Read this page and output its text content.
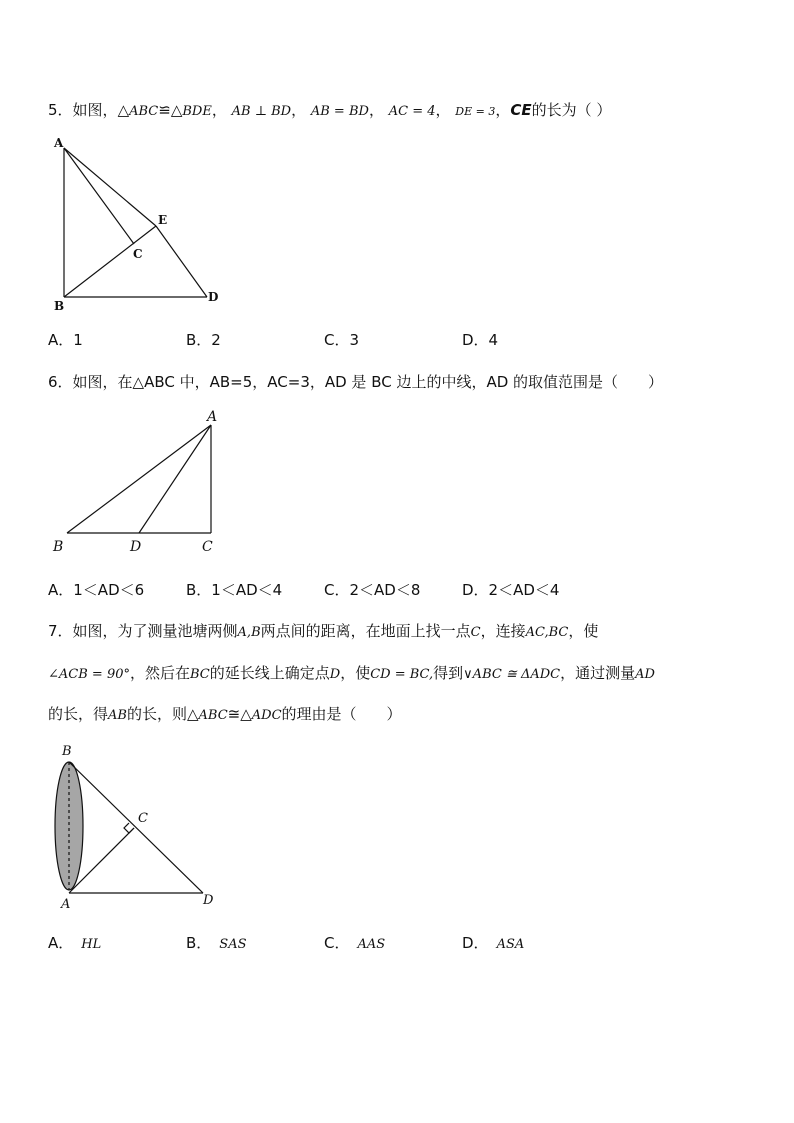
5．如图，△ABC≌△BDE， AB ⊥ BD， AB = BD， AC = 4， DE = 3，CE的长为（ ）
A
B
C
D
E
A．1	B．2	C．3	D．4
6．如图，在△ABC 中，AB=5，AC=3，AD 是 BC 边上的中线，AD 的取值范围是（　　）
A
B	D	C
A．1＜AD＜6	B．1＜AD＜4	C．2＜AD＜8	D．2＜AD＜4
7．如图，为了测量池塘两侧A,B两点间的距离，在地面上找一点C，连接AC,BC，使
∠ACB = 90°，然后在BC的延长线上确定点D，使CD = BC,得到∨ABC ≅ ΔADC，通过测量AD
的长，得AB的长，则△ABC≅△ADC的理由是（　　）
B
C
A	D
A． HL	B． SAS	C． AAS	D． ASA
